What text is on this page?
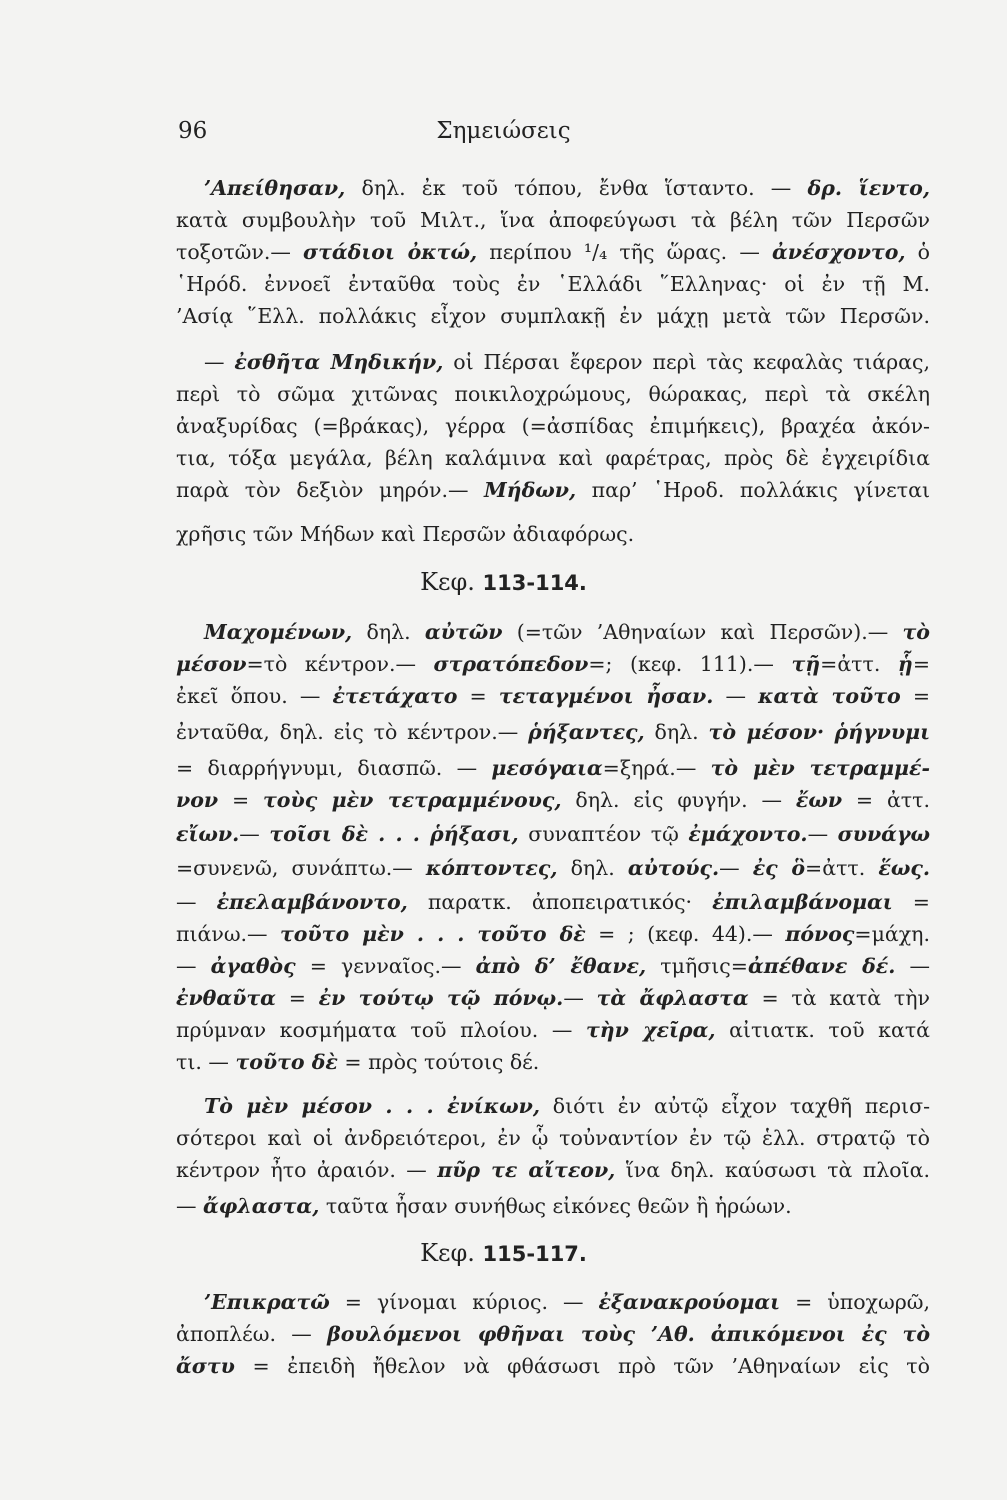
96	Σημειώσεις
’Απείθησαν, δηλ. ἐκ τοῦ τόπου, ἔνθα ἵσταντο. — δρ. ἵεντο,
κατὰ συμβουλὴν τοῦ Μιλτ., ἵνα ἀποφεύγωσι τὰ βέλη τῶν Περσῶν
τοξοτῶν.— στάδιοι ὀκτώ, περίπου ¹/₄ τῆς ὥρας. — ἀνέσχοντο, ὁ
῾Ηρόδ. ἐννοεῖ ἐνταῦθα τοὺς ἐν ῾Ελλάδι ῞Ελληνας· οἱ ἐν τῇ Μ.
’Ασίᾳ ῞Ελλ. πολλάκις εἶχον συμπλακῇ ἐν μάχῃ μετὰ τῶν Περσῶν.
— ἐσθῆτα Μηδικήν, οἱ Πέρσαι ἔφερον περὶ τὰς κεφαλὰς τιάρας,
περὶ τὸ σῶμα χιτῶνας ποικιλοχρώμους, θώρακας, περὶ τὰ σκέλη
ἀναξυρίδας (=βράκας), γέρρα (=ἀσπίδας ἐπιμήκεις), βραχέα ἀκόν-
τια, τόξα μεγάλα, βέλη καλάμινα καὶ φαρέτρας, πρὸς δὲ ἐγχειρίδια
παρὰ τὸν δεξιὸν μηρόν.— Μήδων, παρ’ ῾Ηροδ. πολλάκις γίνεται
χρῆσις τῶν Μήδων καὶ Περσῶν ἀδιαφόρως.
Κεφ. 113-114.
Μαχομένων, δηλ. αὐτῶν (=τῶν ’Αθηναίων καὶ Περσῶν).— τὸ
μέσον=τὸ κέντρον.— στρατόπεδον=; (κεφ. 111).— τῇ=ἀττ. ᾗ=
ἐκεῖ ὅπου. — ἐτετάχατο = τεταγμένοι ἦσαν. — κατὰ τοῦτο =
ἐνταῦθα, δηλ. εἰς τὸ κέντρον.— ῥήξαντες, δηλ. τὸ μέσον· ῥήγνυμι
= διαρρήγνυμι, διασπῶ. — μεσόγαια=ξηρά.— τὸ μὲν τετραμμέ-
νον = τοὺς μὲν τετραμμένους, δηλ. εἰς φυγήν. — ἔων = ἀττ.
εἴων.— τοῖσι δὲ . . . ῥήξασι, συναπτέον τῷ ἐμάχοντο.— συνάγω
=συνενῶ, συνάπτω.— κόπτοντες, δηλ. αὐτούς.— ἐς ὃ=ἀττ. ἕως.
— ἐπελαμβάνοντο, παρατκ. ἀποπειρατικός· ἐπιλαμβάνομαι =
πιάνω.— τοῦτο μὲν . . . τοῦτο δὲ = ; (κεφ. 44).— πόνος=μάχη.
— ἀγαθὸς = γενναῖος.— ἀπὸ δ’ ἔθανε, τμῆσις=ἀπέθανε δέ. —
ἐνθαῦτα = ἐν τούτῳ τῷ πόνῳ.— τὰ ἄφλαστα = τὰ κατὰ τὴν
πρύμναν κοσμήματα τοῦ πλοίου. — τὴν χεῖρα, αἰτιατκ. τοῦ κατά
τι. — τοῦτο δὲ = πρὸς τούτοις δέ.
Τὸ μὲν μέσον . . . ἐνίκων, διότι ἐν αὐτῷ εἶχον ταχθῆ περισ-
σότεροι καὶ οἱ ἀνδρειότεροι, ἐν ᾧ τοὐναντίον ἐν τῷ ἑλλ. στρατῷ τὸ
κέντρον ἦτο ἀραιόν. — πῦρ τε αἴτεον, ἵνα δηλ. καύσωσι τὰ πλοῖα.
— ἄφλαστα, ταῦτα ἦσαν συνήθως εἰκόνες θεῶν ἢ ἡρώων.
Κεφ. 115-117.
’Επικρατῶ = γίνομαι κύριος. — ἐξανακρούομαι = ὑποχωρῶ,
ἀποπλέω. — βουλόμενοι φθῆναι τοὺς ’Αθ. ἀπικόμενοι ἐς τὸ
ἄστυ = ἐπειδὴ ἤθελον νὰ φθάσωσι πρὸ τῶν ’Αθηναίων εἰς τὸ
